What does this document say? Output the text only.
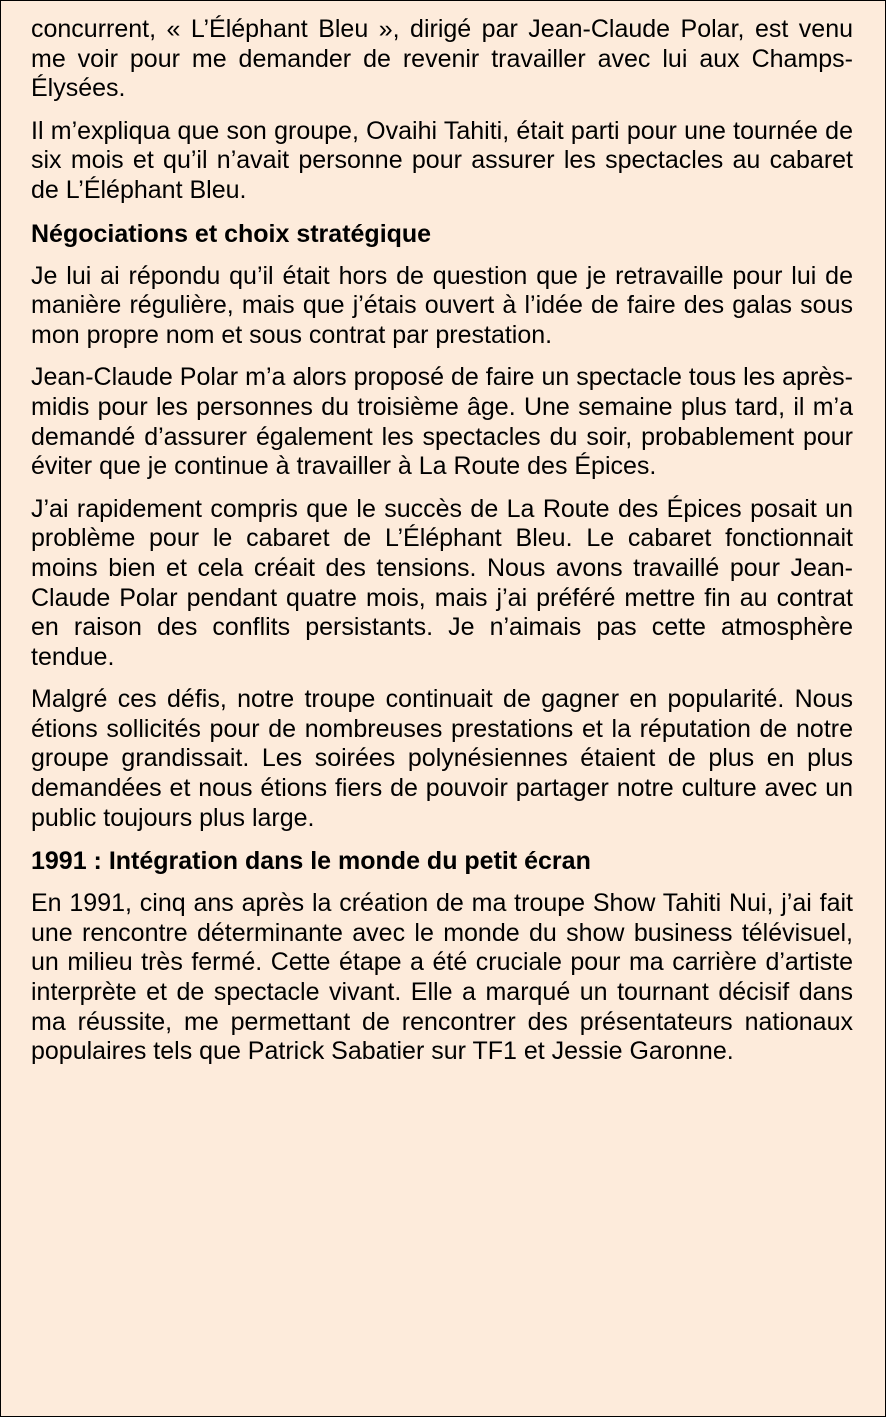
concurrent, « L’Éléphant Bleu », dirigé par Jean-Claude Polar, est venu me voir pour me demander de revenir travailler avec lui aux Champs-Élysées.

Il m’expliqua que son groupe, Ovaihi Tahiti, était parti pour une tournée de six mois et qu’il n’avait personne pour assurer les spectacles au cabaret de L’Éléphant Bleu.

Négociations et choix stratégique

Je lui ai répondu qu’il était hors de question que je retravaille pour lui de manière régulière, mais que j’étais ouvert à l’idée de faire des galas sous mon propre nom et sous contrat par prestation.

Jean-Claude Polar m’a alors proposé de faire un spectacle tous les après-midis pour les personnes du troisième âge. Une semaine plus tard, il m’a demandé d’assurer également les spectacles du soir, probablement pour éviter que je continue à travailler à La Route des Épices.

J’ai rapidement compris que le succès de La Route des Épices posait un problème pour le cabaret de L’Éléphant Bleu. Le cabaret fonctionnait moins bien et cela créait des tensions. Nous avons travaillé pour Jean-Claude Polar pendant quatre mois, mais j’ai préféré mettre fin au contrat en raison des conflits persistants. Je n’aimais pas cette atmosphère tendue.

Malgré ces défis, notre troupe continuait de gagner en popularité. Nous étions sollicités pour de nombreuses prestations et la réputation de notre groupe grandissait. Les soirées polynésiennes étaient de plus en plus demandées et nous étions fiers de pouvoir partager notre culture avec un public toujours plus large.

1991 : Intégration dans le monde du petit écran

En 1991, cinq ans après la création de ma troupe Show Tahiti Nui, j’ai fait une rencontre déterminante avec le monde du show business télévisuel, un milieu très fermé. Cette étape a été cruciale pour ma carrière d’artiste interprète et de spectacle vivant. Elle a marqué un tournant décisif dans ma réussite, me permettant de rencontrer des présentateurs nationaux populaires tels que Patrick Sabatier sur TF1 et Jessie Garonne.
